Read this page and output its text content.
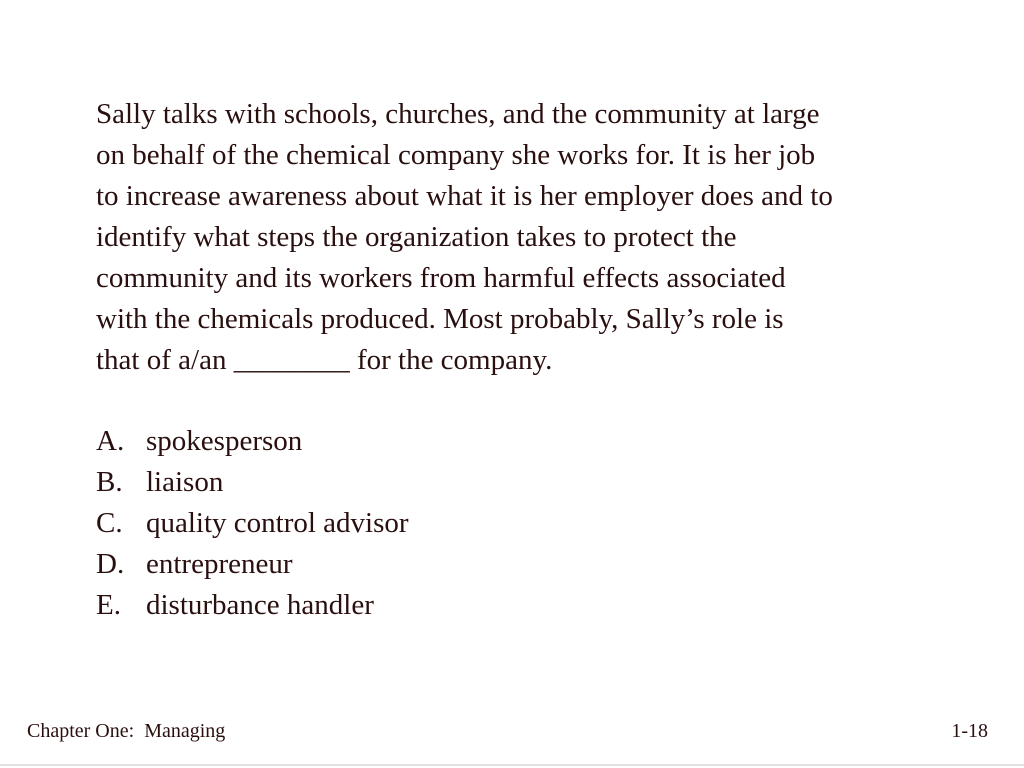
Sally talks with schools, churches, and the community at large
on behalf of the chemical company she works for. It is her job
to increase awareness about what it is her employer does and to
identify what steps the organization takes to protect the
community and its workers from harmful effects associated
with the chemicals produced. Most probably, Sally’s role is
that of a/an ________ for the company.
A. spokesperson
B. liaison
C. quality control advisor
D. entrepreneur
E. disturbance handler
Chapter One:  Managing	1-18
